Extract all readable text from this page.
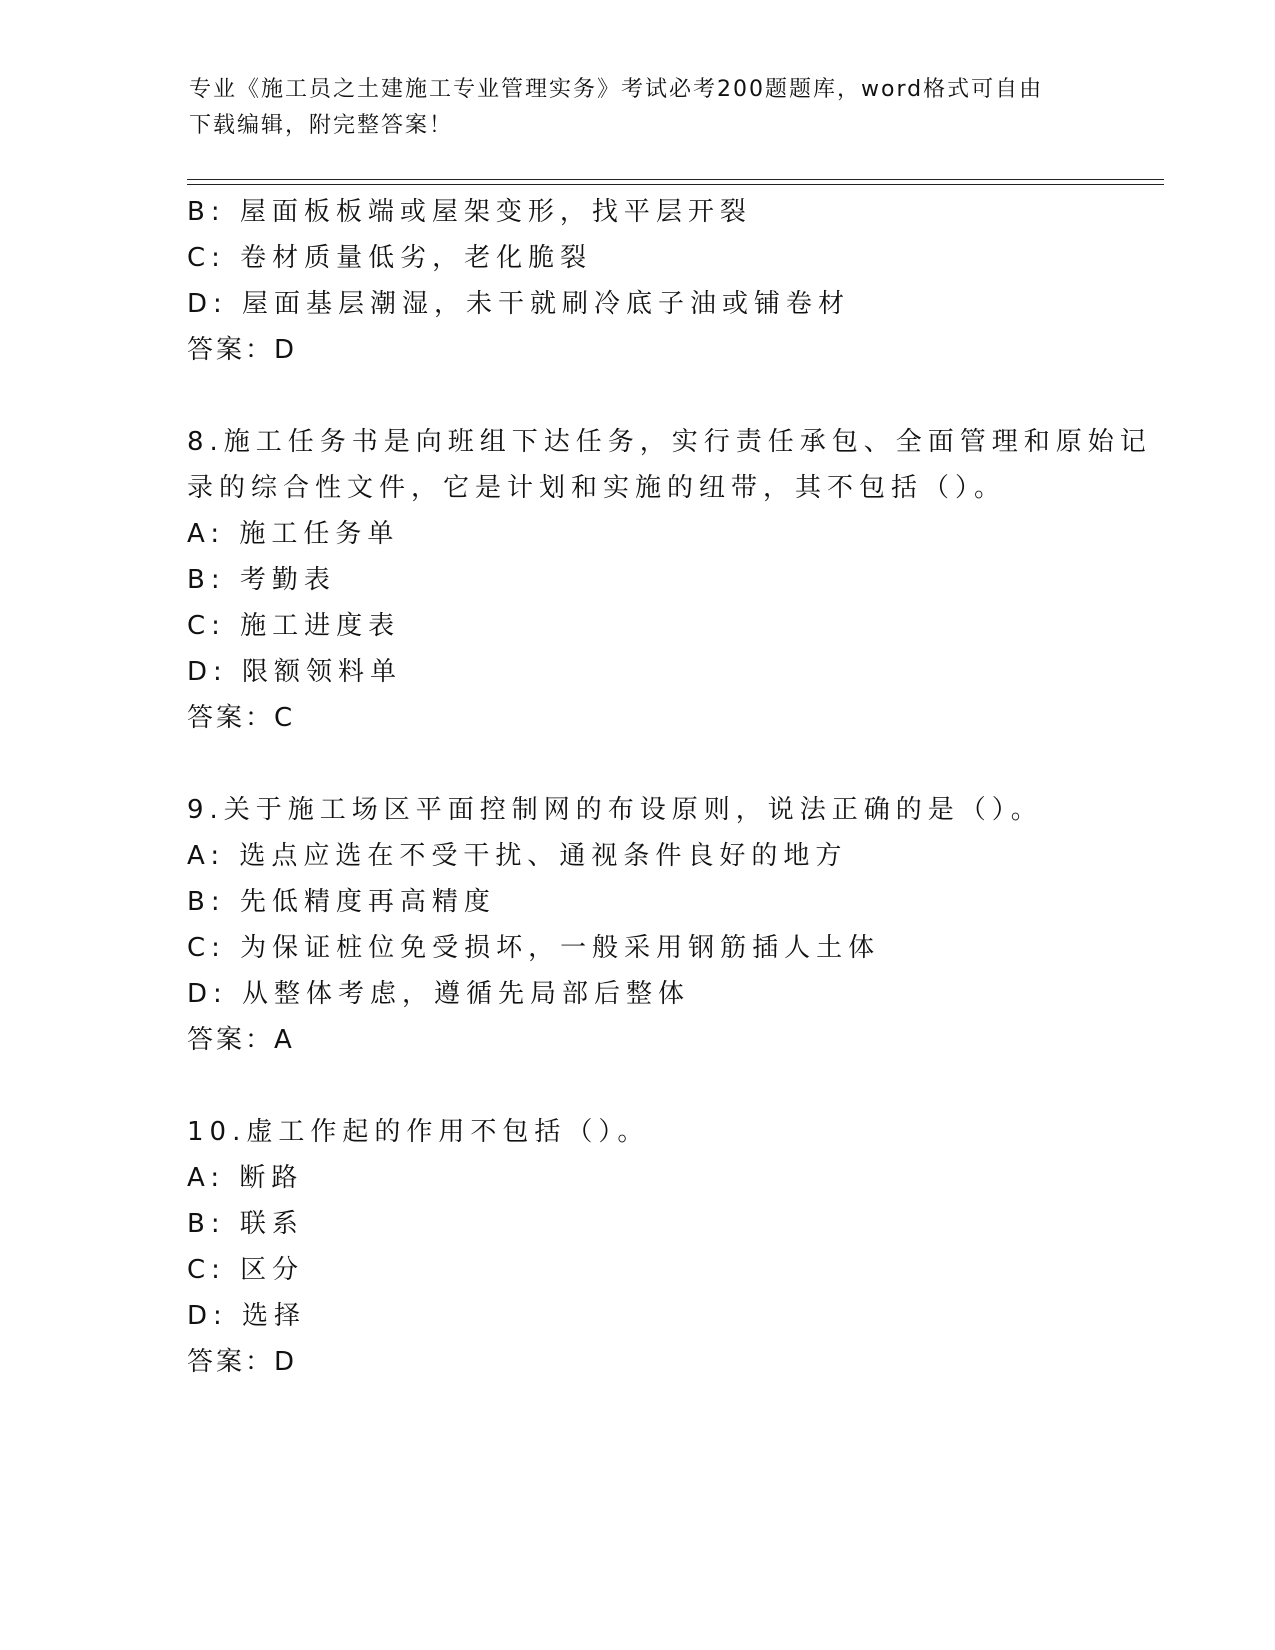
专业《施工员之土建施工专业管理实务》考试必考200题题库，word格式可自由
下载编辑，附完整答案！
B: 屋面板板端或屋架变形，找平层开裂
C: 卷材质量低劣，老化脆裂
D: 屋面基层潮湿，未干就刷冷底子油或铺卷材
答案：D
8.施工任务书是向班组下达任务，实行责任承包、全面管理和原始记
录的综合性文件，它是计划和实施的纽带，其不包括（）。
A: 施工任务单
B: 考勤表
C: 施工进度表
D: 限额领料单
答案：C
9.关于施工场区平面控制网的布设原则，说法正确的是（）。
A: 选点应选在不受干扰、通视条件良好的地方
B: 先低精度再高精度
C: 为保证桩位免受损坏，一般采用钢筋插人土体
D: 从整体考虑，遵循先局部后整体
答案：A
10.虚工作起的作用不包括（）。
A: 断路
B: 联系
C: 区分
D: 选择
答案：D
